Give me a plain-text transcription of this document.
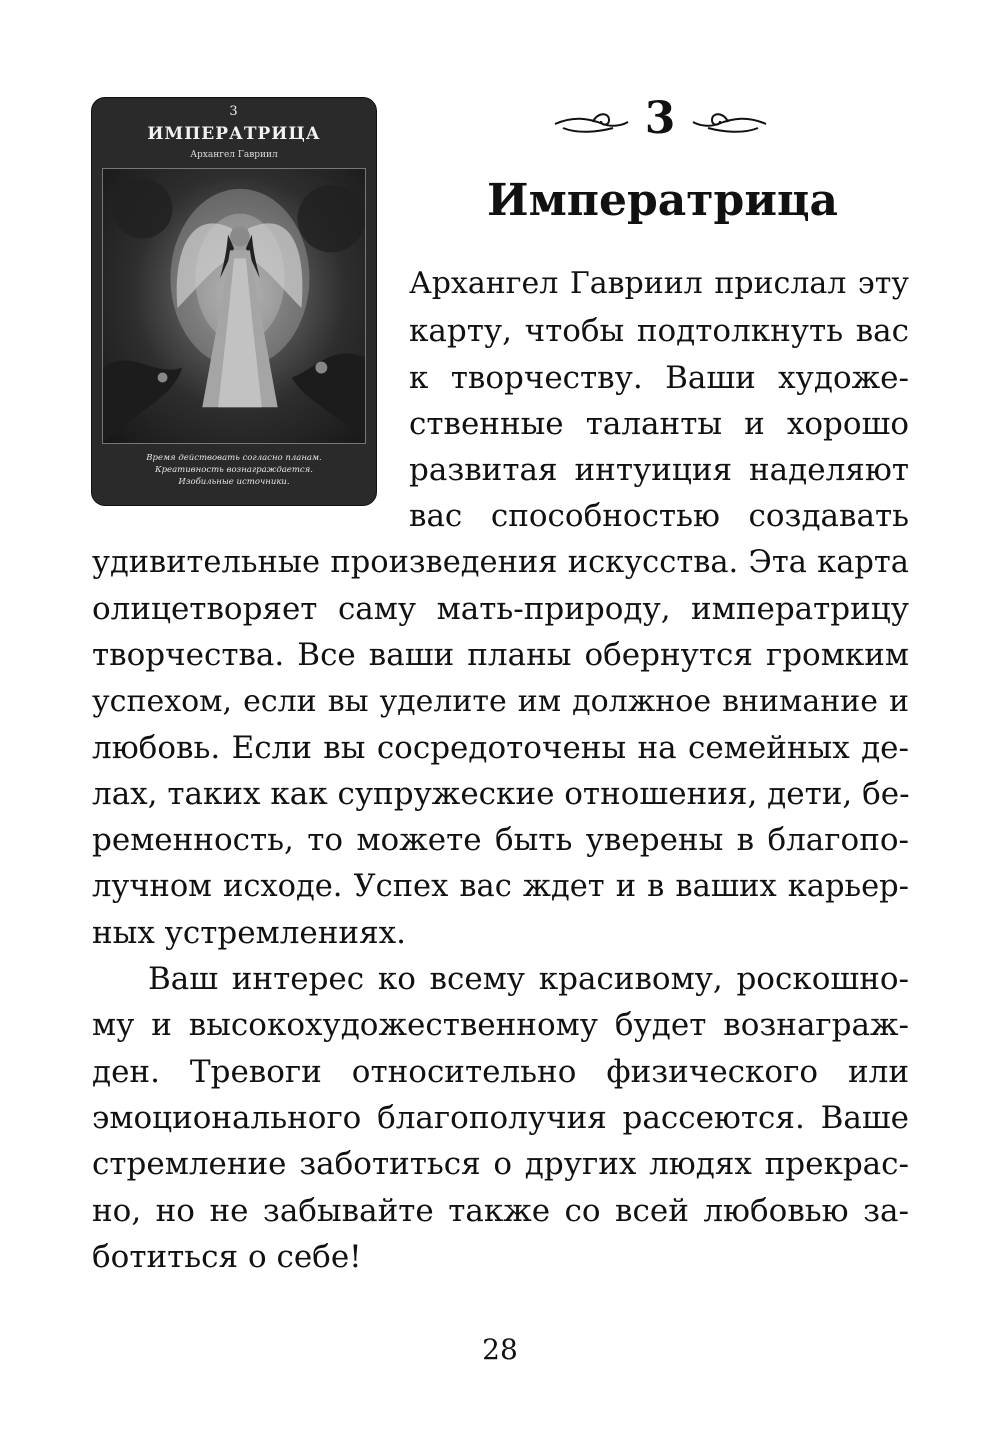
3
ИМПЕРАТРИЦА
Архангел Гавриил
Время действовать согласно планам.
Креативность вознаграждается.
Изобильные источники.
3
Императрица
Архангел Гавриил прислал эту
карту, чтобы подтолкнуть вас
к творчеству. Ваши художе-
ственные таланты и хорошо
развитая интуиция наделяют
вас способностью создавать
удивительные произведения искусства. Эта карта
олицетворяет саму мать-природу, императрицу
творчества. Все ваши планы обернутся громким
успехом, если вы уделите им должное внимание и
любовь. Если вы сосредоточены на семейных де-
лах, таких как супружеские отношения, дети, бе-
ременность, то можете быть уверены в благопо-
лучном исходе. Успех вас ждет и в ваших карьер-
ных устремлениях.
Ваш интерес ко всему красивому, роскошно-
му и высокохудожественному будет вознаграж-
ден. Тревоги относительно физического или
эмоционального благополучия рассеются. Ваше
стремление заботиться о других людях прекрас-
но, но не забывайте также со всей любовью за-
ботиться о себе!
28
